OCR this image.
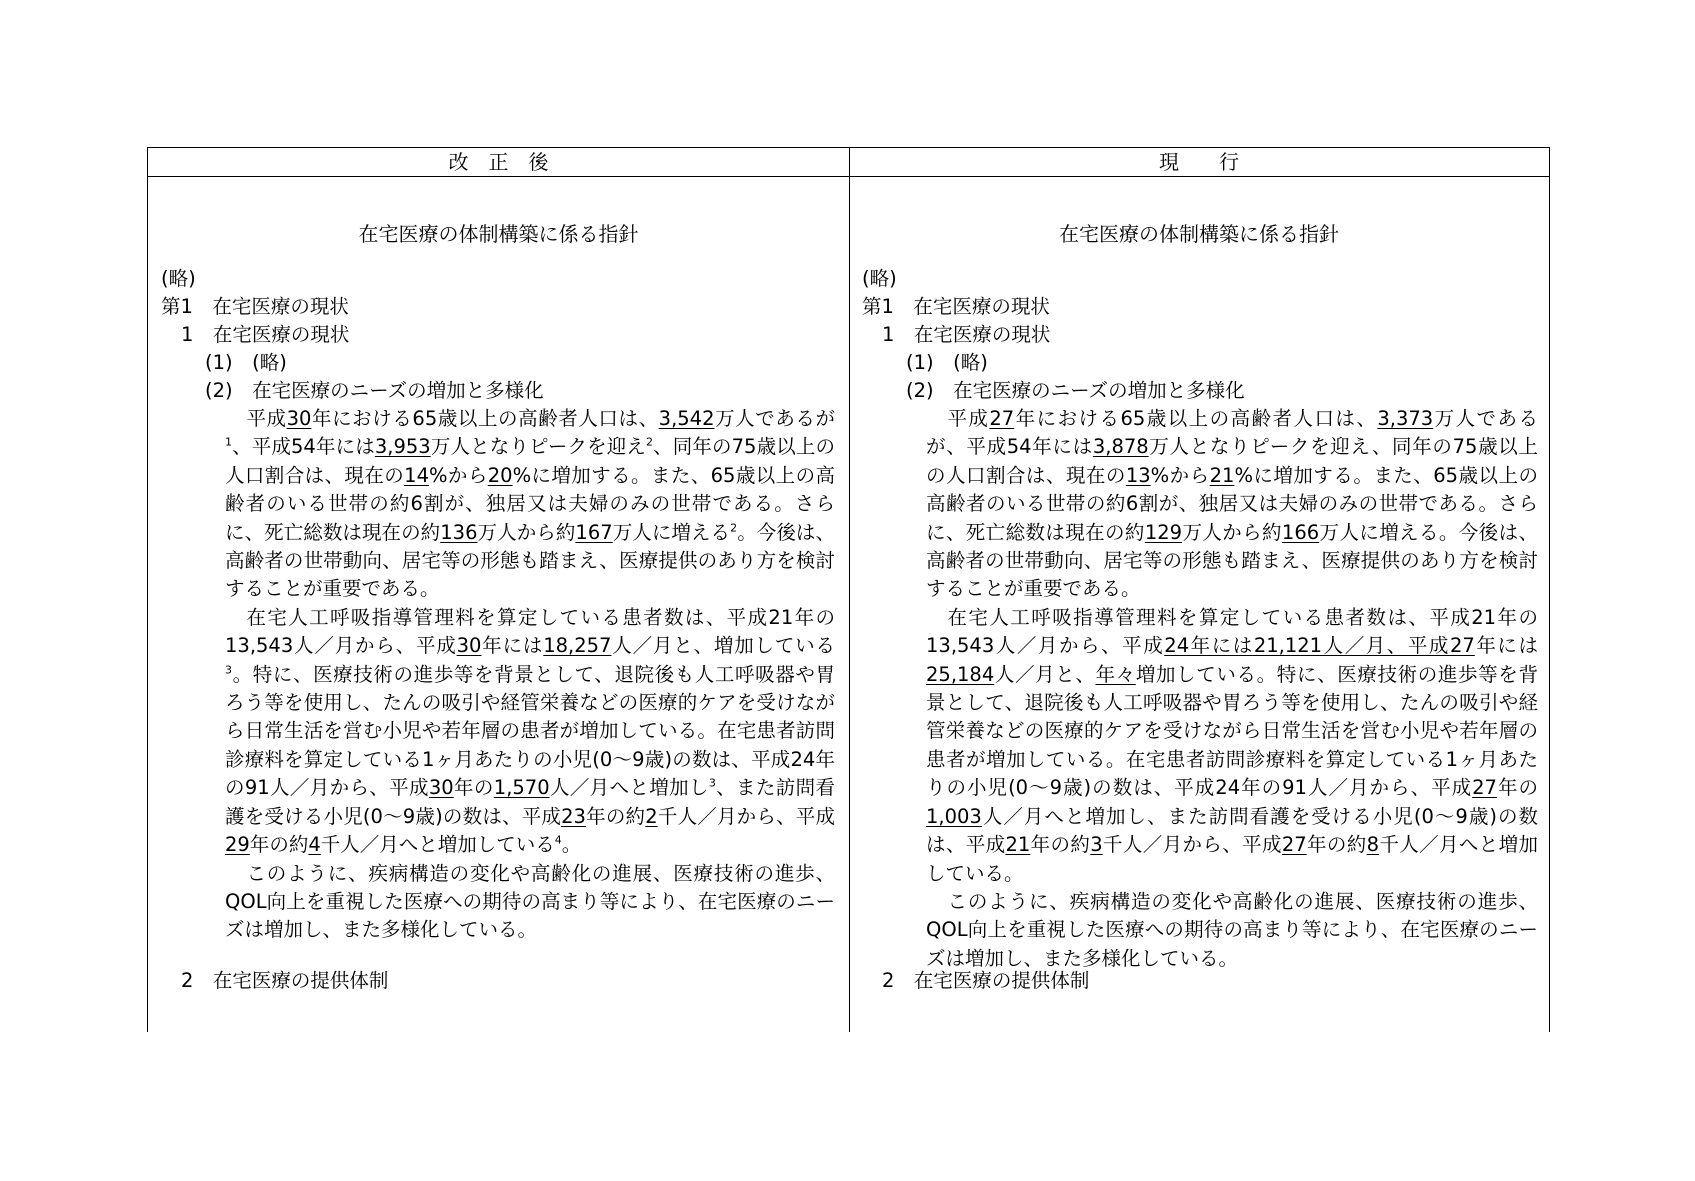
改　正　後
在宅医療の体制構築に係る指針
(略)
第1　在宅医療の現状
1　在宅医療の現状
(1)　(略)
(2)　在宅医療のニーズの増加と多様化

平成30年における65歳以上の高齢者人口は、3,542万人であるが$^1$、平成54年には3,953万人となりピークを迎え$^2$、同年の75歳以上の人口割合は、現在の14%から20%に増加する。また、65歳以上の高齢者のいる世帯の約6割が、独居又は夫婦のみの世帯である。さらに、死亡総数は現在の約136万人から約167万人に増える$^2$。今後は、高齢者の世帯動向、居宅等の形態も踏まえ、医療提供のあり方を検討することが重要である。

在宅人工呼吸指導管理料を算定している患者数は、平成21年の13,543人／月から、平成30年には18,257人／月と、増加している$^3$。特に、医療技術の進歩等を背景として、退院後も人工呼吸器や胃ろう等を使用し、たんの吸引や経管栄養などの医療的ケアを受けながら日常生活を営む小児や若年層の患者が増加している。在宅患者訪問診療料を算定している1ヶ月あたりの小児(0～9歳)の数は、平成24年の91人／月から、平成30年の1,570人／月へと増加し$^3$、また訪問看護を受ける小児(0～9歳)の数は、平成23年の約2千人／月から、平成29年の約4千人／月へと増加している$^4$。

このように、疾病構造の変化や高齢化の進展、医療技術の進歩、QOL向上を重視した医療への期待の高まり等により、在宅医療のニーズは増加し、また多様化している。

2　在宅医療の提供体制
現　　行
在宅医療の体制構築に係る指針
(略)
第1　在宅医療の現状
1　在宅医療の現状
(1)　(略)
(2)　在宅医療のニーズの増加と多様化

平成27年における65歳以上の高齢者人口は、3,373万人であるが、平成54年には3,878万人となりピークを迎え、同年の75歳以上の人口割合は、現在の13%から21%に増加する。また、65歳以上の高齢者のいる世帯の約6割が、独居又は夫婦のみの世帯である。さらに、死亡総数は現在の約129万人から約166万人に増える。今後は、高齢者の世帯動向、居宅等の形態も踏まえ、医療提供のあり方を検討することが重要である。

在宅人工呼吸指導管理料を算定している患者数は、平成21年の13,543人／月から、平成24年には21,121人／月、平成27年には25,184人／月と、年々増加している。特に、医療技術の進歩等を背景として、退院後も人工呼吸器や胃ろう等を使用し、たんの吸引や経管栄養などの医療的ケアを受けながら日常生活を営む小児や若年層の患者が増加している。在宅患者訪問診療料を算定している1ヶ月あたりの小児(0～9歳)の数は、平成24年の91人／月から、平成27年の1,003人／月へと増加し、また訪問看護を受ける小児(0～9歳)の数は、平成21年の約3千人／月から、平成27年の約8千人／月へと増加している。

このように、疾病構造の変化や高齢化の進展、医療技術の進歩、QOL向上を重視した医療への期待の高まり等により、在宅医療のニーズは増加し、また多様化している。

2　在宅医療の提供体制
